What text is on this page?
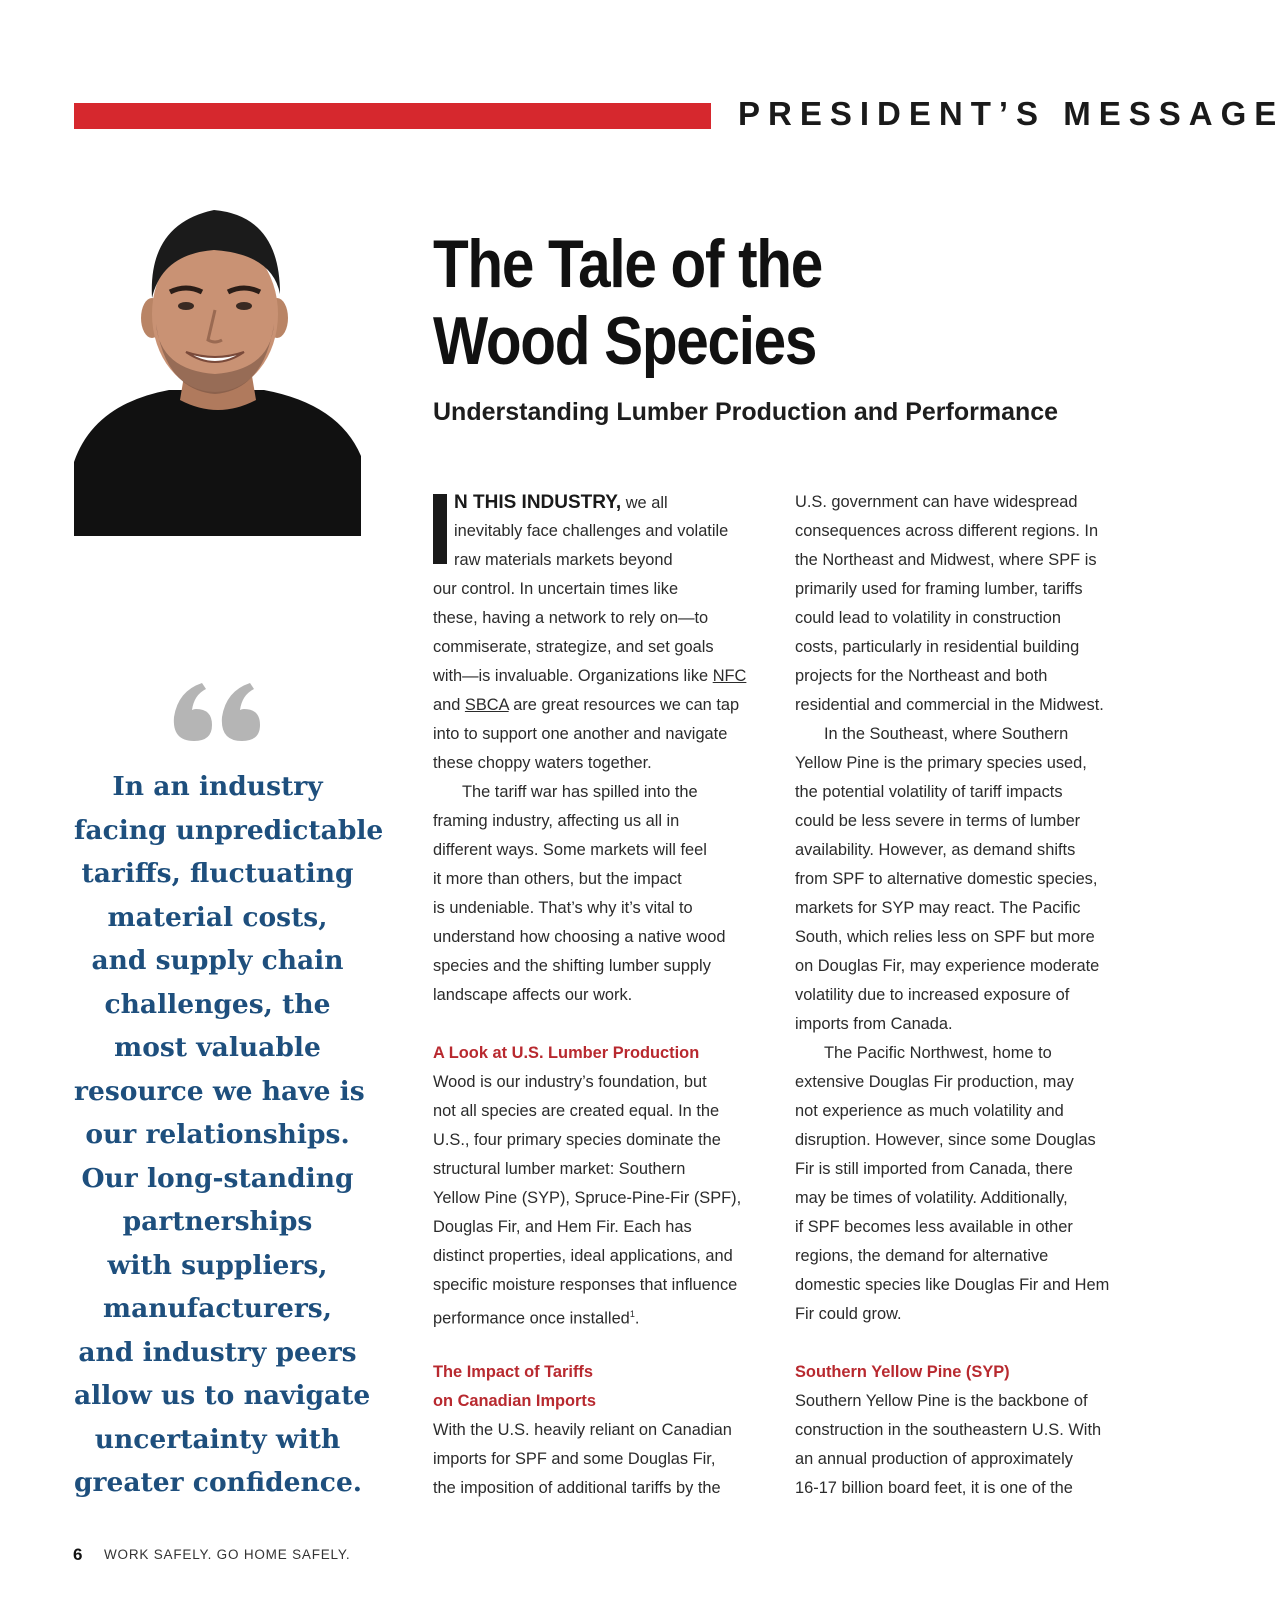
PRESIDENT’S MESSAGE
The Tale of the
Wood Species
Understanding Lumber Production and Performance
In an industry
facing unpredictable
tariffs, fluctuating
material costs,
and supply chain
challenges, the
most valuable
resource we have is
our relationships.
Our long-standing
partnerships
with suppliers,
manufacturers,
and industry peers
allow us to navigate
uncertainty with
greater confidence.
N THIS INDUSTRY, we all
inevitably face challenges and volatile
raw materials markets beyond
our control. In uncertain times like
these, having a network to rely on—to
commiserate, strategize, and set goals
with—is invaluable. Organizations like NFC
and SBCA are great resources we can tap
into to support one another and navigate
these choppy waters together.
The tariff war has spilled into the
framing industry, affecting us all in
different ways. Some markets will feel
it more than others, but the impact
is undeniable. That’s why it’s vital to
understand how choosing a native wood
species and the shifting lumber supply
landscape affects our work.
A Look at U.S. Lumber Production
Wood is our industry’s foundation, but
not all species are created equal. In the
U.S., four primary species dominate the
structural lumber market: Southern
Yellow Pine (SYP), Spruce-Pine-Fir (SPF),
Douglas Fir, and Hem Fir. Each has
distinct properties, ideal applications, and
specific moisture responses that influence
performance once installed$^1$.
The Impact of Tariffs
on Canadian Imports
With the U.S. heavily reliant on Canadian
imports for SPF and some Douglas Fir,
the imposition of additional tariffs by the
U.S. government can have widespread
consequences across different regions. In
the Northeast and Midwest, where SPF is
primarily used for framing lumber, tariffs
could lead to volatility in construction
costs, particularly in residential building
projects for the Northeast and both
residential and commercial in the Midwest.
In the Southeast, where Southern
Yellow Pine is the primary species used,
the potential volatility of tariff impacts
could be less severe in terms of lumber
availability. However, as demand shifts
from SPF to alternative domestic species,
markets for SYP may react. The Pacific
South, which relies less on SPF but more
on Douglas Fir, may experience moderate
volatility due to increased exposure of
imports from Canada.
The Pacific Northwest, home to
extensive Douglas Fir production, may
not experience as much volatility and
disruption. However, since some Douglas
Fir is still imported from Canada, there
may be times of volatility. Additionally,
if SPF becomes less available in other
regions, the demand for alternative
domestic species like Douglas Fir and Hem
Fir could grow.
Southern Yellow Pine (SYP)
Southern Yellow Pine is the backbone of
construction in the southeastern U.S. With
an annual production of approximately
16-17 billion board feet, it is one of the
6 WORK SAFELY. GO HOME SAFELY.
